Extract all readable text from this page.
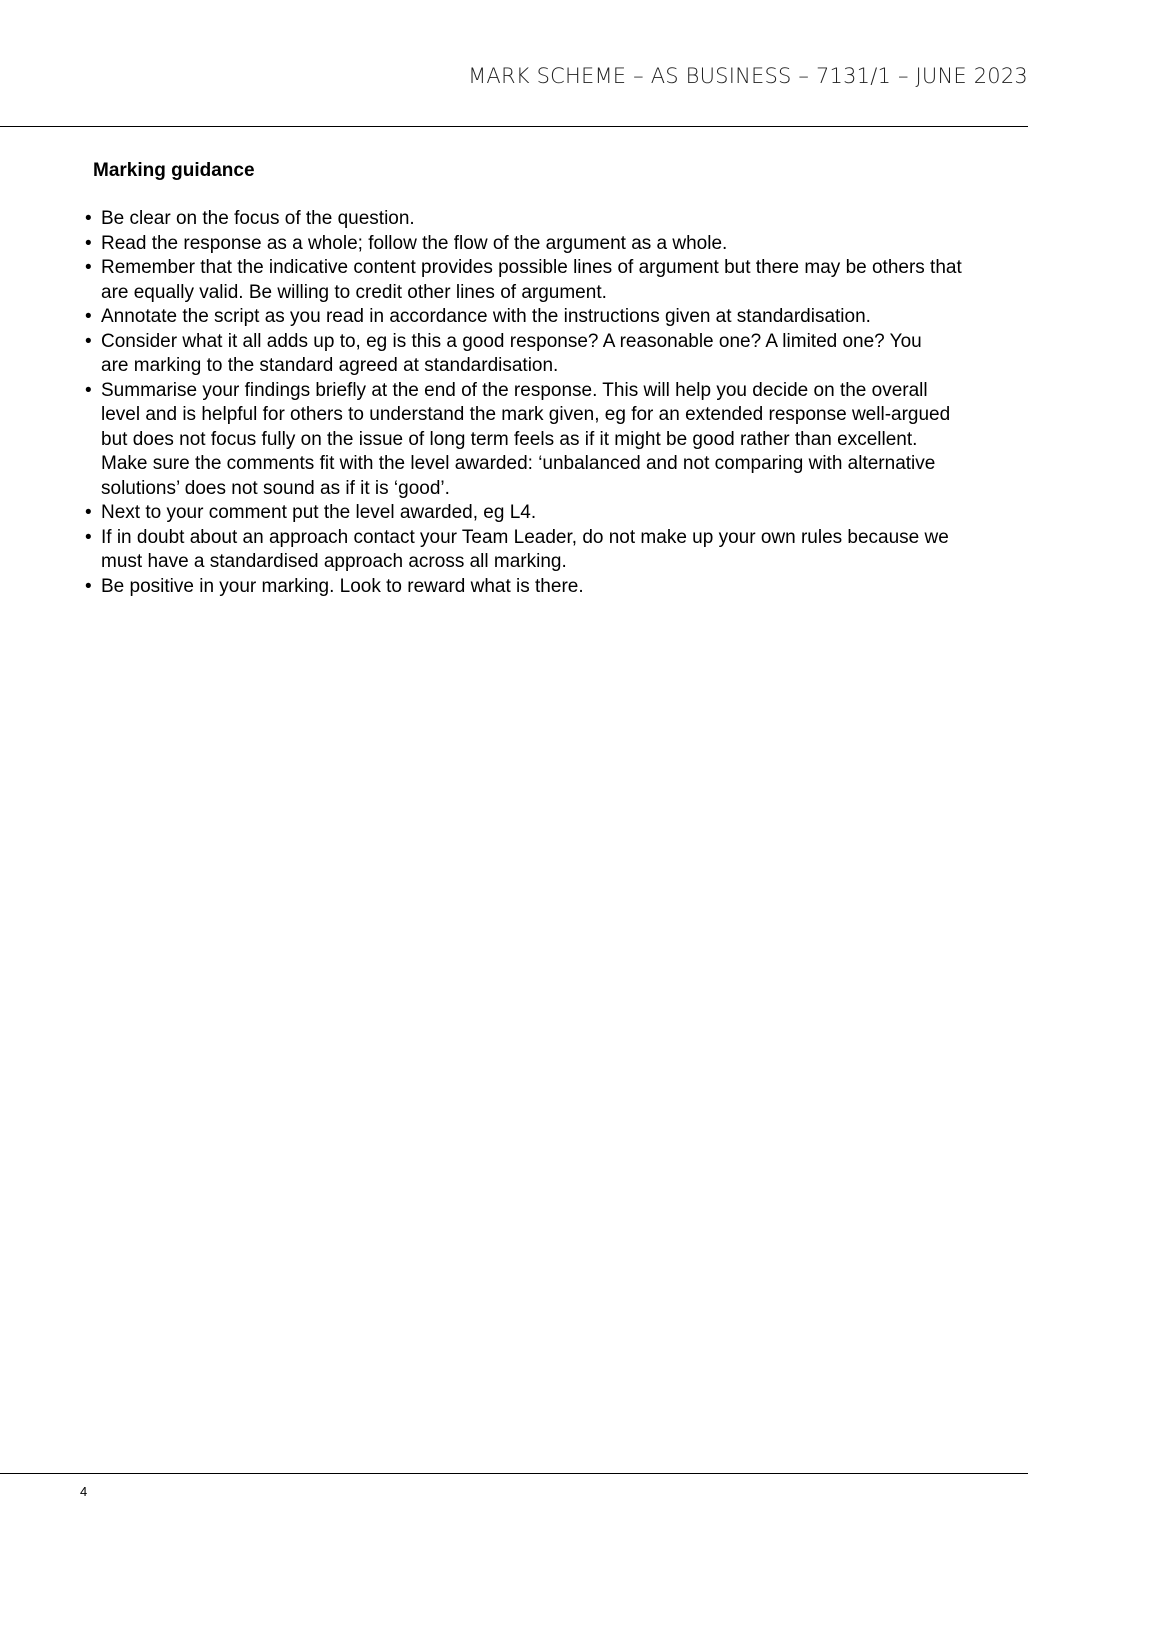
MARK SCHEME – AS BUSINESS – 7131/1 – JUNE 2023
Marking guidance
• Be clear on the focus of the question.
• Read the response as a whole; follow the flow of the argument as a whole.
• Remember that the indicative content provides possible lines of argument but there may be others that
are equally valid. Be willing to credit other lines of argument.
• Annotate the script as you read in accordance with the instructions given at standardisation.
• Consider what it all adds up to, eg is this a good response? A reasonable one? A limited one? You
are marking to the standard agreed at standardisation.
• Summarise your findings briefly at the end of the response. This will help you decide on the overall
level and is helpful for others to understand the mark given, eg for an extended response well-argued
but does not focus fully on the issue of long term feels as if it might be good rather than excellent.
Make sure the comments fit with the level awarded: ‘unbalanced and not comparing with alternative
solutions’ does not sound as if it is ‘good’.
• Next to your comment put the level awarded, eg L4.
• If in doubt about an approach contact your Team Leader, do not make up your own rules because we
must have a standardised approach across all marking.
• Be positive in your marking. Look to reward what is there.
4
